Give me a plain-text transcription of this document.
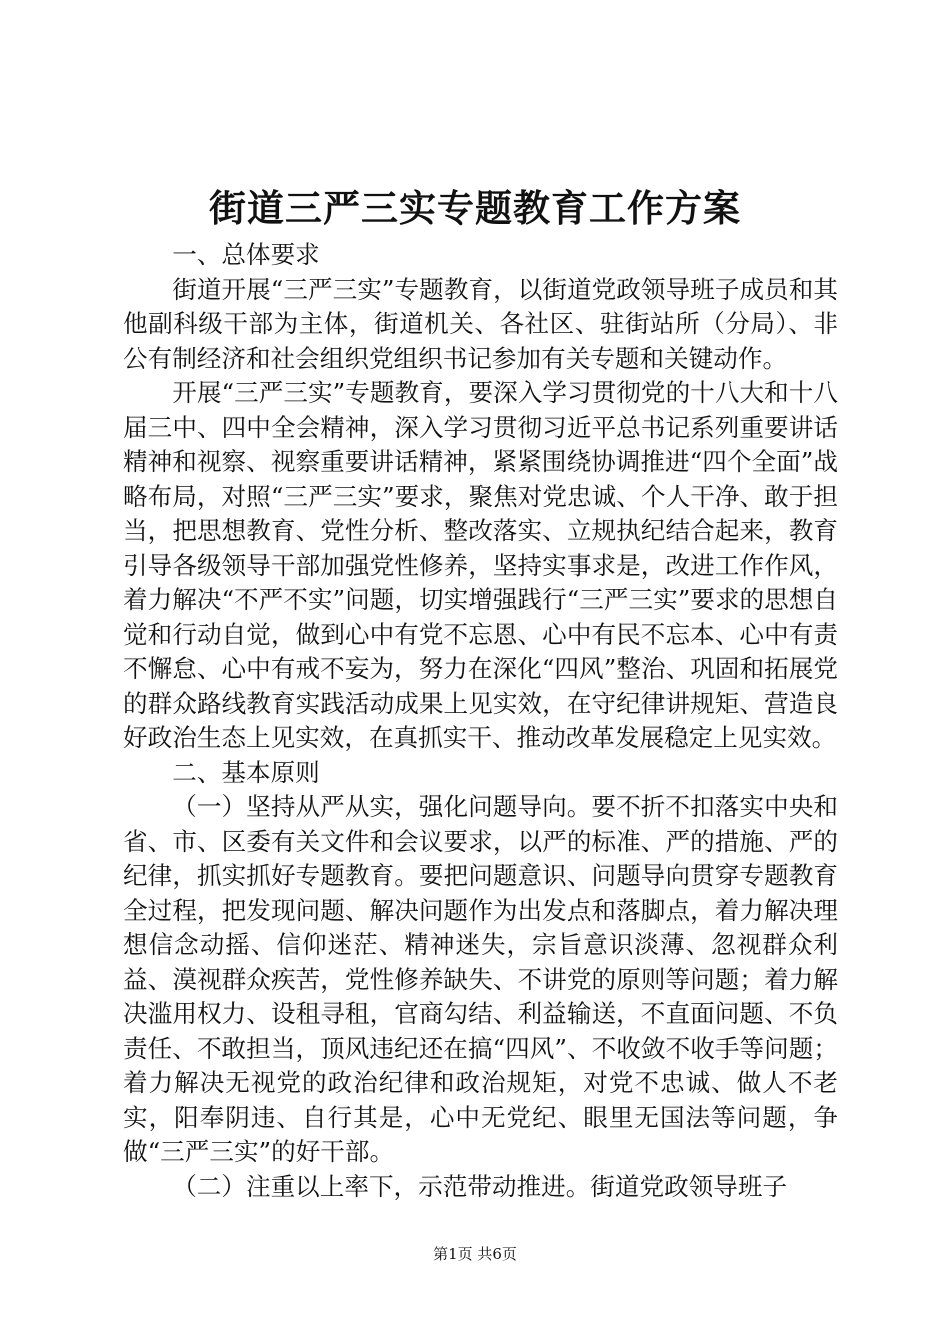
街道三严三实专题教育工作方案

一、总体要求

街道开展“三严三实”专题教育，以街道党政领导班子成员和其他副科级干部为主体，街道机关、各社区、驻街站所（分局）、非公有制经济和社会组织党组织书记参加有关专题和关键动作。

开展“三严三实”专题教育，要深入学习贯彻党的十八大和十八届三中、四中全会精神，深入学习贯彻习近平总书记系列重要讲话精神和视察、视察重要讲话精神，紧紧围绕协调推进“四个全面”战略布局，对照“三严三实”要求，聚焦对党忠诚、个人干净、敢于担当，把思想教育、党性分析、整改落实、立规执纪结合起来，教育引导各级领导干部加强党性修养，坚持实事求是，改进工作作风，着力解决“不严不实”问题，切实增强践行“三严三实”要求的思想自觉和行动自觉，做到心中有党不忘恩、心中有民不忘本、心中有责不懈怠、心中有戒不妄为，努力在深化“四风”整治、巩固和拓展党的群众路线教育实践活动成果上见实效，在守纪律讲规矩、营造良好政治生态上见实效，在真抓实干、推动改革发展稳定上见实效。

二、基本原则

（一）坚持从严从实，强化问题导向。要不折不扣落实中央和省、市、区委有关文件和会议要求，以严的标准、严的措施、严的纪律，抓实抓好专题教育。要把问题意识、问题导向贯穿专题教育全过程，把发现问题、解决问题作为出发点和落脚点，着力解决理想信念动摇、信仰迷茫、精神迷失，宗旨意识淡薄、忽视群众利益、漠视群众疾苦，党性修养缺失、不讲党的原则等问题；着力解决滥用权力、设租寻租，官商勾结、利益输送，不直面问题、不负责任、不敢担当，顶风违纪还在搞“四风”、不收敛不收手等问题；着力解决无视党的政治纪律和政治规矩，对党不忠诚、做人不老实，阳奉阴违、自行其是，心中无党纪、眼里无国法等问题，争做“三严三实”的好干部。

（二）注重以上率下，示范带动推进。街道党政领导班子

第1页 共6页
